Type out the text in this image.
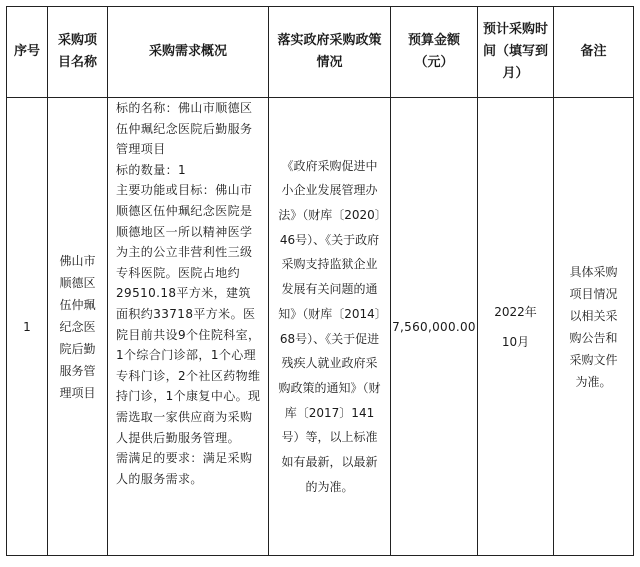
序号	采购项目名称	采购需求概况	落实政府采购政策情况	预算金额（元）	预计采购时间（填写到月）	备注
1	佛山市顺德区伍仲珮纪念医院后勤服务管理项目	标的名称：佛山市顺德区伍仲珮纪念医院后勤服务管理项目
标的数量：1
主要功能或目标：佛山市顺德区伍仲珮纪念医院是顺德地区一所以精神医学为主的公立非营利性三级专科医院。医院占地约29510.18平方米，建筑面积约33718平方米。医院目前共设9个住院科室，1个综合门诊部，1个心理专科门诊，2个社区药物维持门诊，1个康复中心。现需选取一家供应商为采购人提供后勤服务管理。
需满足的要求：满足采购人的服务需求。	《政府采购促进中小企业发展管理办法》（财库〔2020〕46号）、《关于政府采购支持监狱企业发展有关问题的通知》（财库〔2014〕68号）、《关于促进残疾人就业政府采购政策的通知》（财库〔2017〕141号）等，以上标准如有最新，以最新的为准。	7,560,000.00	2022年10月	具体采购项目情况以相关采购公告和采购文件为准。
